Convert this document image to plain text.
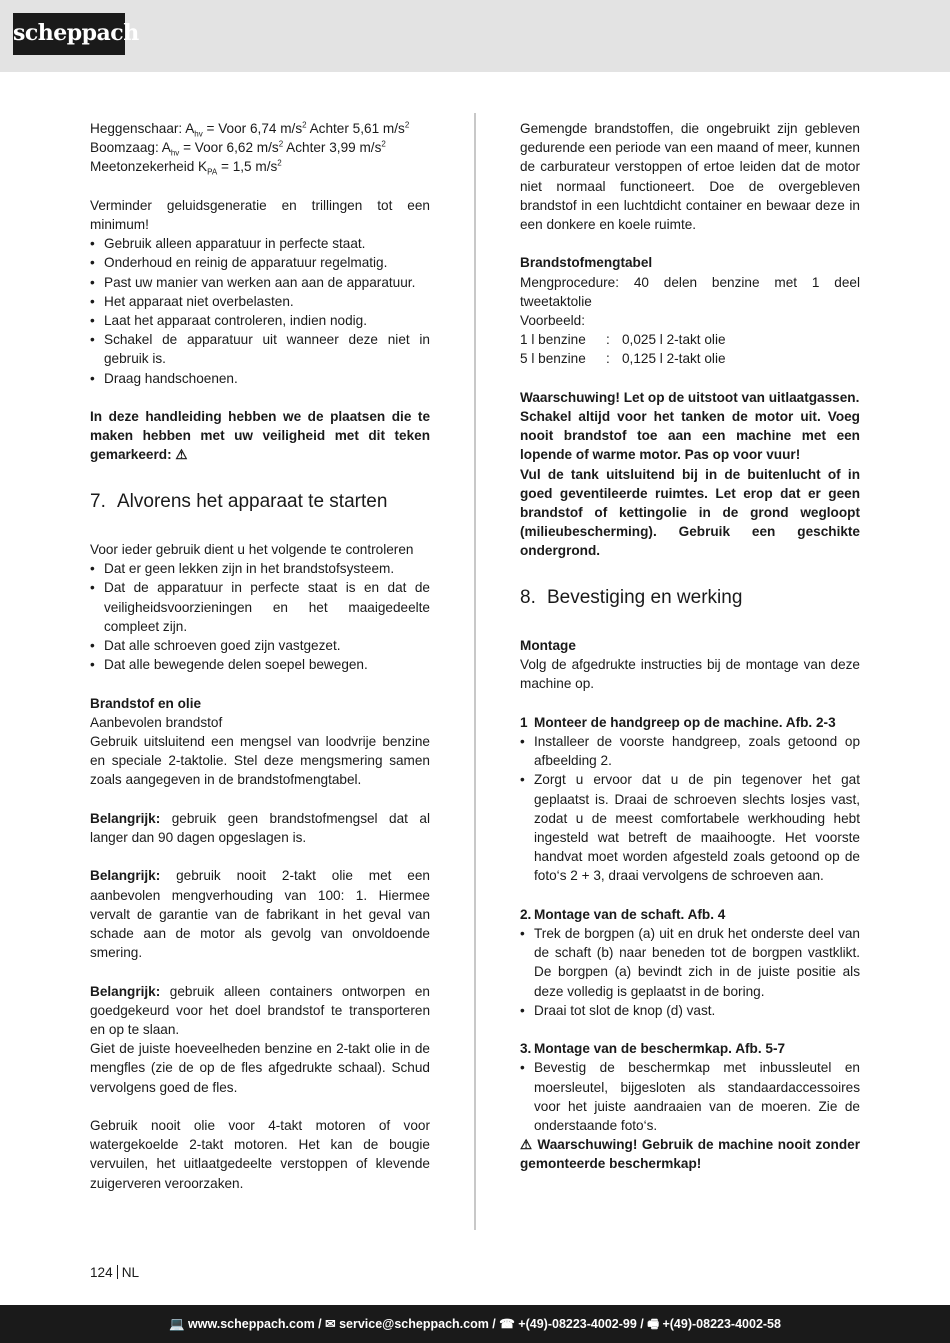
scheppach

Heggenschaar: $A_{hv}$ = Voor 6,74 $m/s^2$ Achter 5,61 $m/s^2$

Boomzaag: $A_{hv}$ = Voor 6,62 $m/s^2$ Achter 3,99 $m/s^2$

Meetonzekerheid $K_{PA} = 1,5$ $m/s^2$

Verminder geluidsgeneratie en trillingen tot een minimum!

• Gebruik alleen apparatuur in perfecte staat.
• Onderhoud en reinig de apparatuur regelmatig.
• Past uw manier van werken aan aan de apparatuur.
• Het apparaat niet overbelasten.
• Laat het apparaat controleren, indien nodig.
• Schakel de apparatuur uit wanneer deze niet in gebruik is.
• Draag handschoenen.

In deze handleiding hebben we de plaatsen die te maken hebben met uw veiligheid met dit teken gemarkeerd: ⚠

7. Alvorens het apparaat te starten

Voor ieder gebruik dient u het volgende te controleren

• Dat er geen lekken zijn in het brandstofsysteem.
• Dat de apparatuur in perfecte staat is en dat de veiligheidsvoorzieningen en het maaigedeelte compleet zijn.
• Dat alle schroeven goed zijn vastgezet.
• Dat alle bewegende delen soepel bewegen.

Brandstof en olie

Aanbevolen brandstof

Gebruik uitsluitend een mengsel van loodvrije benzine en speciale 2-taktolie. Stel deze mengsmering samen zoals aangegeven in de brandstofmengtabel.

Belangrijk: gebruik geen brandstofmengsel dat al langer dan 90 dagen opgeslagen is.

Belangrijk: gebruik nooit 2-takt olie met een aanbevolen mengverhouding van 100: 1. Hiermee vervalt de garantie van de fabrikant in het geval van schade aan de motor als gevolg van onvoldoende smering.

Belangrijk: gebruik alleen containers ontworpen en goedgekeurd voor het doel brandstof te transporteren en op te slaan.

Giet de juiste hoeveelheden benzine en 2-takt olie in de mengfles (zie de op de fles afgedrukte schaal). Schud vervolgens goed de fles.

Gebruik nooit olie voor 4-takt motoren of voor watergekoelde 2-takt motoren. Het kan de bougie vervuilen, het uitlaatgedeelte verstoppen of klevende zuigerveren veroorzaken.

Gemengde brandstoffen, die ongebruikt zijn gebleven gedurende een periode van een maand of meer, kunnen de carburateur verstoppen of ertoe leiden dat de motor niet normaal functioneert. Doe de overgebleven brandstof in een luchtdicht container en bewaar deze in een donkere en koele ruimte.

Brandstofmengtabel

Mengprocedure: 40 delen benzine met 1 deel tweetaktolie

Voorbeeld:

1 l benzine	: 0,025 l 2-takt olie
5 l benzine	: 0,125 l 2-takt olie

Waarschuwing! Let op de uitstoot van uitlaatgassen.

Schakel altijd voor het tanken de motor uit. Voeg nooit brandstof toe aan een machine met een lopende of warme motor. Pas op voor vuur!

Vul de tank uitsluitend bij in de buitenlucht of in goed geventileerde ruimtes. Let erop dat er geen brandstof of kettingolie in de grond wegloopt (milieubescherming). Gebruik een geschikte ondergrond.

8. Bevestiging en werking

Montage

Volg de afgedrukte instructies bij de montage van deze machine op.

1 Monteer de handgreep op de machine. Afb. 2-3
• Installeer de voorste handgreep, zoals getoond op afbeelding 2.
• Zorgt u ervoor dat u de pin tegenover het gat geplaatst is. Draai de schroeven slechts losjes vast, zodat u de meest comfortabele werkhouding hebt ingesteld wat betreft de maaihoogte. Het voorste handvat moet worden afgesteld zoals getoond op de foto‘s 2 + 3, draai vervolgens de schroeven aan.
2. Montage van de schaft. Afb. 4
• Trek de borgpen (a) uit en druk het onderste deel van de schaft (b) naar beneden tot de borgpen vastklikt. De borgpen (a) bevindt zich in de juiste positie als deze volledig is geplaatst in de boring.
• Draai tot slot de knop (d) vast.
3. Montage van de beschermkap. Afb. 5-7
• Bevestig de beschermkap met inbussleutel en moersleutel, bijgesloten als standaardaccessoires voor het juiste aandraaien van de moeren. Zie de onderstaande foto‘s.

⚠ Waarschuwing! Gebruik de machine nooit zonder gemonteerde beschermkap!

124 NL
💻 www.scheppach.com / ✉ service@scheppach.com / ☎ +(49)-08223-4002-99 / 🖷 +(49)-08223-4002-58
